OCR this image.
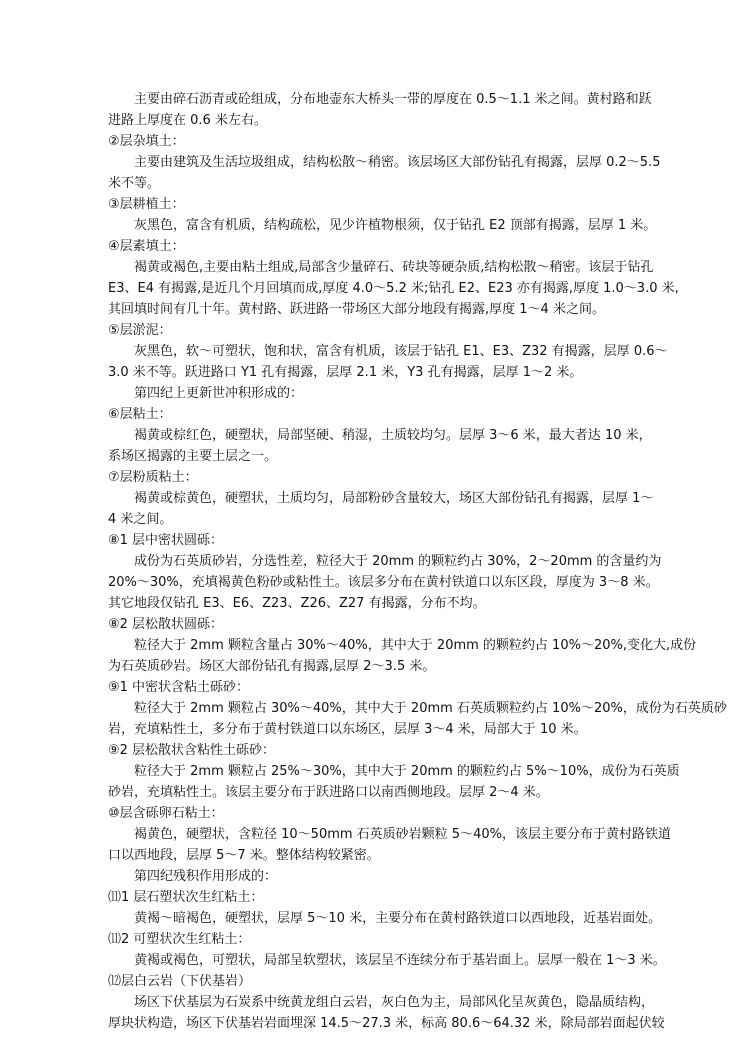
主要由碎石沥青或砼组成，分布地壶东大桥头一带的厚度在 0.5～1.1 米之间。黄村路和跃
进路上厚度在 0.6 米左右。
②层杂填土：
主要由建筑及生活垃圾组成，结构松散～稍密。该层场区大部份钻孔有揭露，层厚 0.2～5.5
米不等。
③层耕植土：
灰黑色，富含有机质，结构疏松，见少许植物根须，仅于钻孔 E2 顶部有揭露，层厚 1 米。
④层素填土：
褐黄或褐色,主要由粘土组成,局部含少量碎石、砖块等硬杂质,结构松散～稍密。该层于钻孔
E3、E4 有揭露,是近几个月回填而成,厚度 4.0～5.2 米;钻孔 E2、E23 亦有揭露,厚度 1.0～3.0 米,
其回填时间有几十年。黄村路、跃进路一带场区大部分地段有揭露,厚度 1～4 米之间。
⑤层淤泥：
灰黑色，软～可塑状，饱和状，富含有机质，该层于钻孔 E1、E3、Z32 有揭露，层厚 0.6～
3.0 米不等。跃进路口 Y1 孔有揭露，层厚 2.1 米，Y3 孔有揭露，层厚 1～2 米。
第四纪上更新世冲积形成的：
⑥层粘土：
褐黄或棕红色，硬塑状，局部坚硬、稍湿，土质较均匀。层厚 3～6 米，最大者达 10 米，
系场区揭露的主要土层之一。
⑦层粉质粘土：
褐黄或棕黄色，硬塑状，土质均匀，局部粉砂含量较大，场区大部份钻孔有揭露，层厚 1～
4 米之间。
⑧1 层中密状圆砾：
成份为石英质砂岩，分选性差，粒径大于 20mm 的颗粒约占 30%，2～20mm 的含量约为
20%～30%，充填褐黄色粉砂或粘性土。该层多分布在黄村铁道口以东区段，厚度为 3～8 米。
其它地段仅钻孔 E3、E6、Z23、Z26、Z27 有揭露，分布不均。
⑧2 层松散状圆砾：
粒径大于 2mm 颗粒含量占 30%～40%，其中大于 20mm 的颗粒约占 10%～20%,变化大,成份
为石英质砂岩。场区大部份钻孔有揭露,层厚 2～3.5 米。
⑨1 中密状含粘土砾砂：
粒径大于 2mm 颗粒占 30%～40%，其中大于 20mm 石英质颗粒约占 10%～20%，成份为石英质砂
岩，充填粘性土，多分布于黄村铁道口以东场区，层厚 3～4 米，局部大于 10 米。
⑨2 层松散状含粘性土砾砂：
粒径大于 2mm 颗粒占 25%～30%，其中大于 20mm 的颗粒约占 5%～10%，成份为石英质
砂岩，充填粘性土。该层主要分布于跃进路口以南西侧地段。层厚 2～4 米。
⑩层含砾卵石粘土：
褐黄色，硬塑状，含粒径 10～50mm 石英质砂岩颗粒 5～40%，该层主要分布于黄村路铁道
口以西地段，层厚 5～7 米。整体结构较紧密。
第四纪残积作用形成的：
⑾1 层石塑状次生红粘土：
黄褐～暗褐色，硬塑状，层厚 5～10 米，主要分布在黄村路铁道口以西地段，近基岩面处。
⑾2 可塑状次生红粘土：
黄褐或褐色，可塑状，局部呈软塑状，该层呈不连续分布于基岩面上。层厚一般在 1～3 米。
⑿层白云岩（下伏基岩）
场区下伏基层为石炭系中统黄龙组白云岩，灰白色为主，局部风化呈灰黄色，隐晶质结构，
厚块状构造，场区下伏基岩岩面埋深 14.5～27.3 米，标高 80.6～64.32 米，除局部岩面起伏较
